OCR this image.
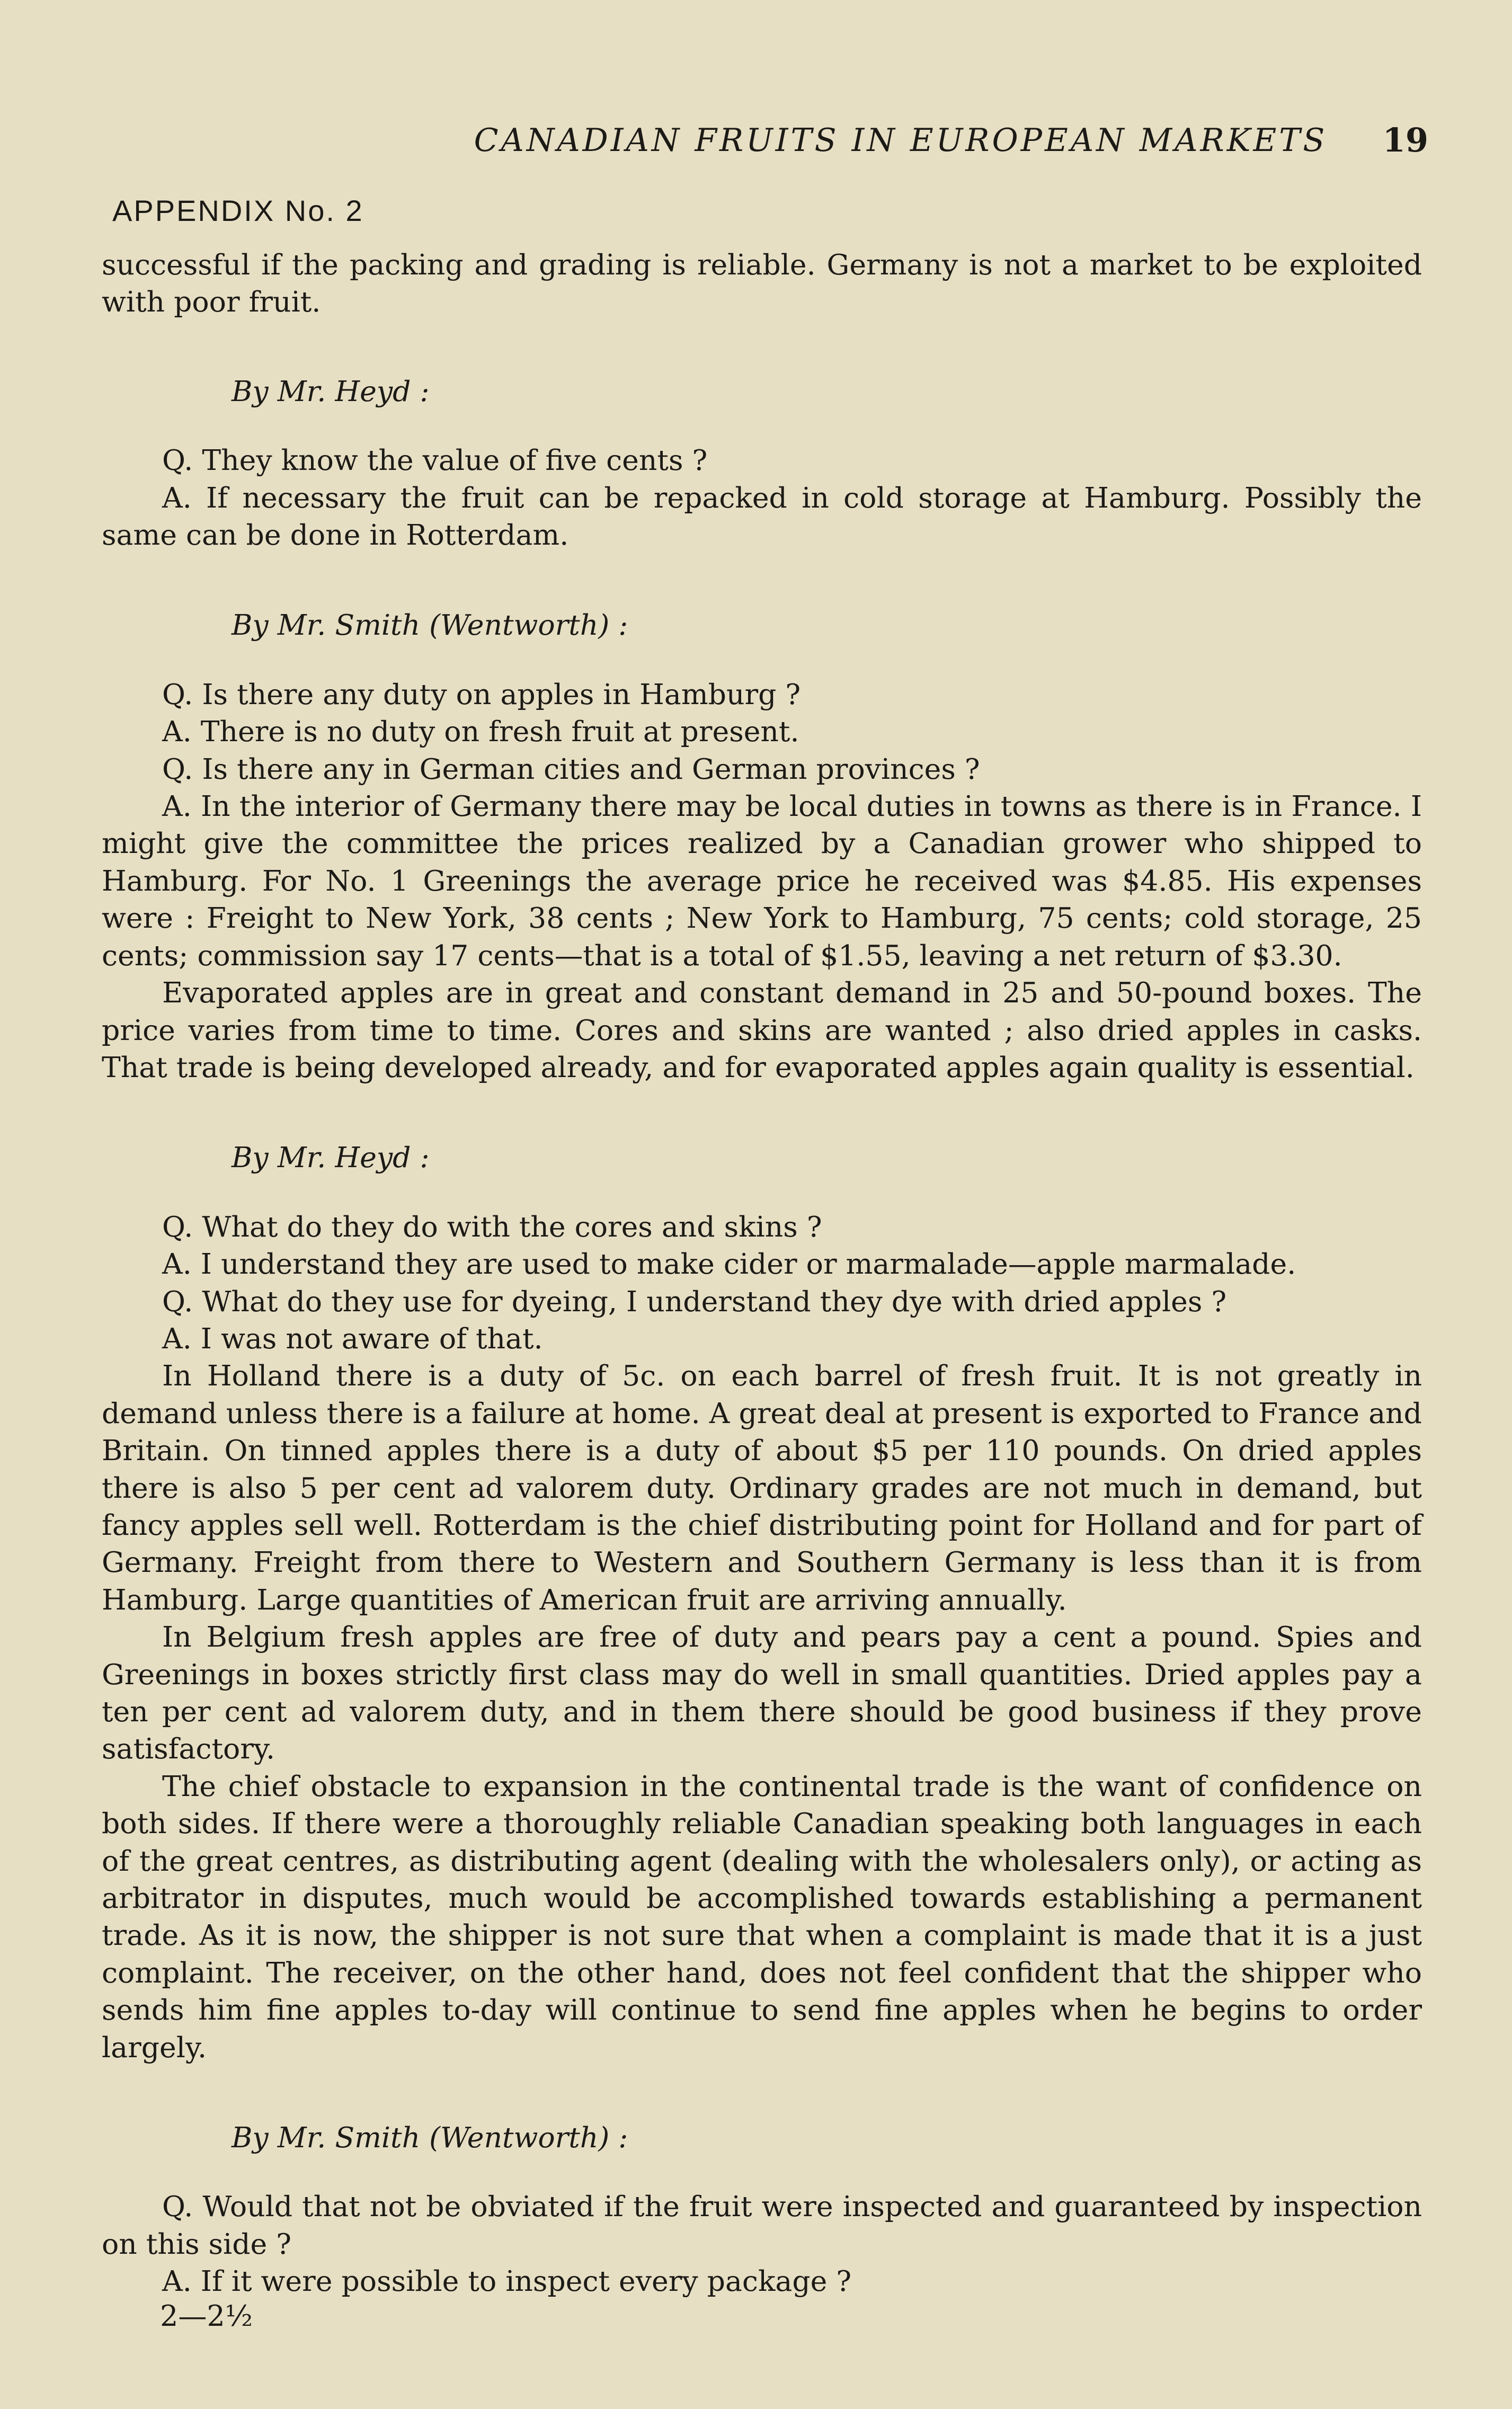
CANADIAN FRUITS IN EUROPEAN MARKETS	19
APPENDIX No. 2

successful if the packing and grading is reliable. Germany is not a market to be exploited with poor fruit.

By Mr. Heyd :

Q. They know the value of five cents ?

A. If necessary the fruit can be repacked in cold storage at Hamburg. Possibly the same can be done in Rotterdam.

By Mr. Smith (Wentworth) :

Q. Is there any duty on apples in Hamburg ?

A. There is no duty on fresh fruit at present.

Q. Is there any in German cities and German provinces ?

A. In the interior of Germany there may be local duties in towns as there is in France. I might give the committee the prices realized by a Canadian grower who shipped to Hamburg. For No. 1 Greenings the average price he received was $4.85. His expenses were : Freight to New York, 38 cents ; New York to Hamburg, 75 cents; cold storage, 25 cents; commission say 17 cents—that is a total of $1.55, leaving a net return of $3.30.

Evaporated apples are in great and constant demand in 25 and 50-pound boxes. The price varies from time to time. Cores and skins are wanted ; also dried apples in casks. That trade is being developed already, and for evaporated apples again quality is essential.

By Mr. Heyd :

Q. What do they do with the cores and skins ?

A. I understand they are used to make cider or marmalade—apple marmalade.

Q. What do they use for dyeing, I understand they dye with dried apples ?

A. I was not aware of that.

In Holland there is a duty of 5c. on each barrel of fresh fruit. It is not greatly in demand unless there is a failure at home. A great deal at present is exported to France and Britain. On tinned apples there is a duty of about $5 per 110 pounds. On dried apples there is also 5 per cent ad valorem duty. Ordinary grades are not much in demand, but fancy apples sell well. Rotterdam is the chief distributing point for Holland and for part of Germany. Freight from there to Western and Southern Germany is less than it is from Hamburg. Large quantities of American fruit are arriving annually.

In Belgium fresh apples are free of duty and pears pay a cent a pound. Spies and Greenings in boxes strictly first class may do well in small quantities. Dried apples pay a ten per cent ad valorem duty, and in them there should be good business if they prove satisfactory.

The chief obstacle to expansion in the continental trade is the want of confidence on both sides. If there were a thoroughly reliable Canadian speaking both languages in each of the great centres, as distributing agent (dealing with the wholesalers only), or acting as arbitrator in disputes, much would be accomplished towards establishing a permanent trade. As it is now, the shipper is not sure that when a complaint is made that it is a just complaint. The receiver, on the other hand, does not feel confident that the shipper who sends him fine apples to-day will continue to send fine apples when he begins to order largely.

By Mr. Smith (Wentworth) :

Q. Would that not be obviated if the fruit were inspected and guaranteed by inspection on this side ?

A. If it were possible to inspect every package ?

2—2½
